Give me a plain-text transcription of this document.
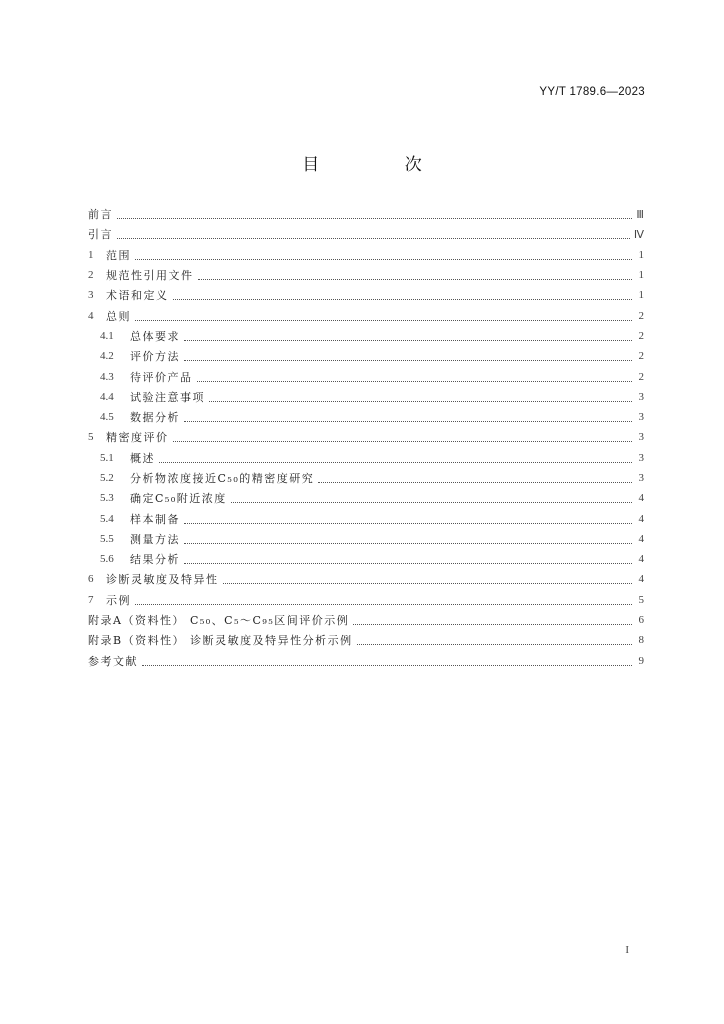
YY/T 1789.6—2023
目 次
前言	Ⅲ
引言	Ⅳ
1	范围	1
2	规范性引用文件	1
3	术语和定义	1
4	总则	2
4.1	总体要求	2
4.2	评价方法	2
4.3	待评价产品	2
4.4	试验注意事项	3
4.5	数据分析	3
5	精密度评价	3
5.1	概述	3
5.2	分析物浓度接近C₅₀的精密度研究	3
5.3	确定C₅₀附近浓度	4
5.4	样本制备	4
5.5	测量方法	4
5.6	结果分析	4
6	诊断灵敏度及特异性	4
7	示例	5
附录A（资料性） C₅₀、C₅～C₉₅区间评价示例	6
附录B（资料性） 诊断灵敏度及特异性分析示例	8
参考文献	9
I
